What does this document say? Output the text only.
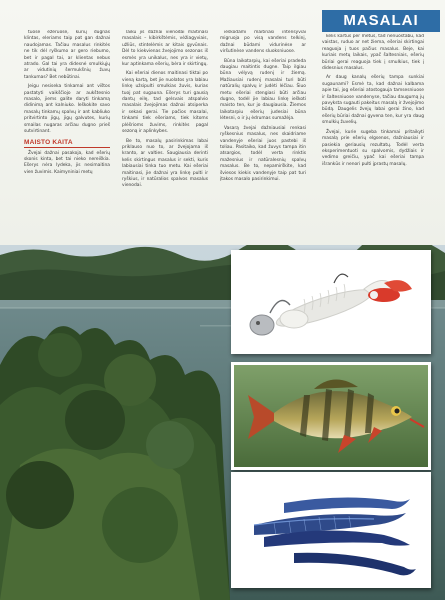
MASALAI

tuose ežeruose, kurių dugnas klintas, eleriams taip pat gan dažnai naudojamas. Tačiau masalus rinkitės ne tik dėl ryškumo ar gero riebumo, bet ir pagal tai, ar klientas nebus atrado. Gal tai yra didesnė smulkiųjų ar vidutinių šermukšnių žuvų tankumas? Bet nebūtinai.

Jeigu nesiseka tinkamai ant vištos pastatyti vaikščiojo ar aukštesnio masalo, jiems galite daryti tinkamą didinimą ant kalniuko. Ieškokite savo masalų tinkamų spalvų ir ant kabliuko pritvirtinto jigų, jigų galvutes, kurių smailas nugaras arčiau dugno prieš sutvirtinant.

MAISTO KAITA

Žvejai dažnai pasakoja, kad ešerių skonis kinta, bet tai nieko nereiškia. Ešerys nėra lydeka, jis nesimaitina vien žuvimis. Kaimyniniai metų

laiku jis dažnai vienodai maitinasi masalais – kibirkštėmis, vėžiagyviais, užliūs, stintelėmis ar kitais gyvūnais. Dėl to kiekvienas žvejojimo sezonas iš esmės yra unikalus, nes yra ir vietų, kur aptinkama ešerių, bėra ir skirtingų.

Kai ešeriai dienos maitinasi tiktai po vieną kartą, bet jie nuolatos yra labiau linkę užsipulti smulkias žuvis, kurias tuoj pat sugauna. Ešerys turi gausią dantų eilę, tad gelsvais atspalvio masalais žvejojimas dažnai atsiperka ir sekasi gerai. Tie pačios masalai, tinkami tiek ešeriams, tiek kitoms plėšrioms žuvims, rinkitės pagal sezoną ir aplinkybes.

Be to, masalų pasirinkimas labai priklauso nuo to, ar žvejojama iš kranto, ar valties. Saugiausia derinti kelis skirtingus masalus ir sekti, kuris labiausiai tinka tuo metu. Kai ešeriai maitinasi, jie dažnai yra linkę pulti ir ryškius, ir natūralios spalvos masalus vienodai.

ieškodami maitinasi intensyviai migruoja po visą vandens telkinį, dažnai būdami vidurinėse ar viršutinėse vandens sluoksniuose.

Būna laikotarpių, kai ešeriai pradeda daugiau maitintis dugne. Taip ilgiau būna vėlyvą rudenį ir žiemą. Mažiausiai rudenį masalai turi būti natūralių spalvų ir judėti lėčiau. Šiuo metu ešeriai stengiasi būti arčiau dugno, todėl jie labiau linkę ieškoti maisto ten, kur jo daugiausia. Žiemos laikotarpiu ešerių judesiai būna lėtesni, o ir jų ėdrumas sumažėja.

Vasarą žvejai dažniausiai renkasi ryškesnius masalus, nes skaidriame vandenyje ešeriai juos pastebi iš toliau. Pasitaiko, kad žuvys tampa itin atsargios, todėl verta rinktis mažesnius ir natūralesnių spalvų masalus. Be to, nepamirškite, kad šviesos kiekis vandenyje taip pat turi įtakos masalo pasirinkimui.

kelis kartus per metus, tad nenuostabu, kad vaistas, ruduo ar net žiema, ešeriai skirtingai reaguoja į tuos pačius masalus. Beje, kai kuriais metų laikais, ypač šaltesniais, ešerių būriai gerai reaguoja tiek į smulkius, tiek į didesnius masalus.

Ar daug kanalų ešerių tampa sunkiai sugaunami? Esmė ta, kad dažnai kalbama apie tai, jog ešeriai atostogauja tamsesniuose ir šaltesniuose vandenyse, tačiau daugumą jų pavyksta sugauti pakeitus masalą ir žvejojimo būdą. Daugelis žvejų labai gerai žino, kad ešerių būriai dažnai gyvena ten, kur yra daug smulkių žuvelių.

Žvejai, kurie sugeba tinkamai pritaikyti masalą prie ešerių elgsenos, dažniausiai ir pasiekia geriausių rezultatų. Todėl verta eksperimentuoti su spalvomis, dydžiais ir vedimo greičiu, ypač kai ešeriai tampa išrankūs ir nenori pulti įprastų masalų.
